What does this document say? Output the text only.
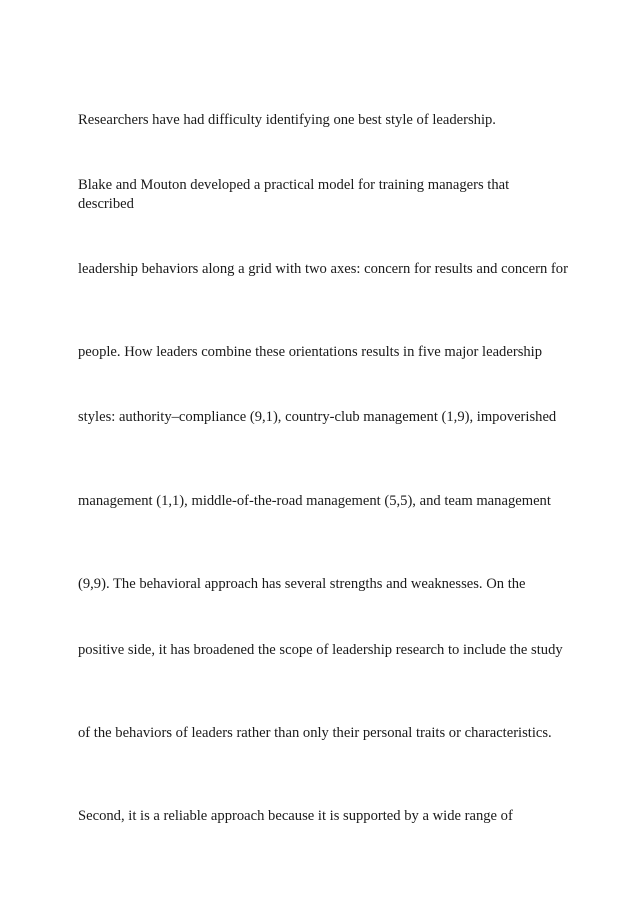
Researchers have had difficulty identifying one best style of leadership.

Blake and Mouton developed a practical model for training managers that described

leadership behaviors along a grid with two axes: concern for results and concern for

people. How leaders combine these orientations results in five major leadership

styles: authority–compliance (9,1), country-club management (1,9), impoverished

management (1,1), middle-of-the-road management (5,5), and team management

(9,9). The behavioral approach has several strengths and weaknesses. On the

positive side, it has broadened the scope of leadership research to include the study

of the behaviors of leaders rather than only their personal traits or characteristics.

Second, it is a reliable approach because it is supported by a wide range of
